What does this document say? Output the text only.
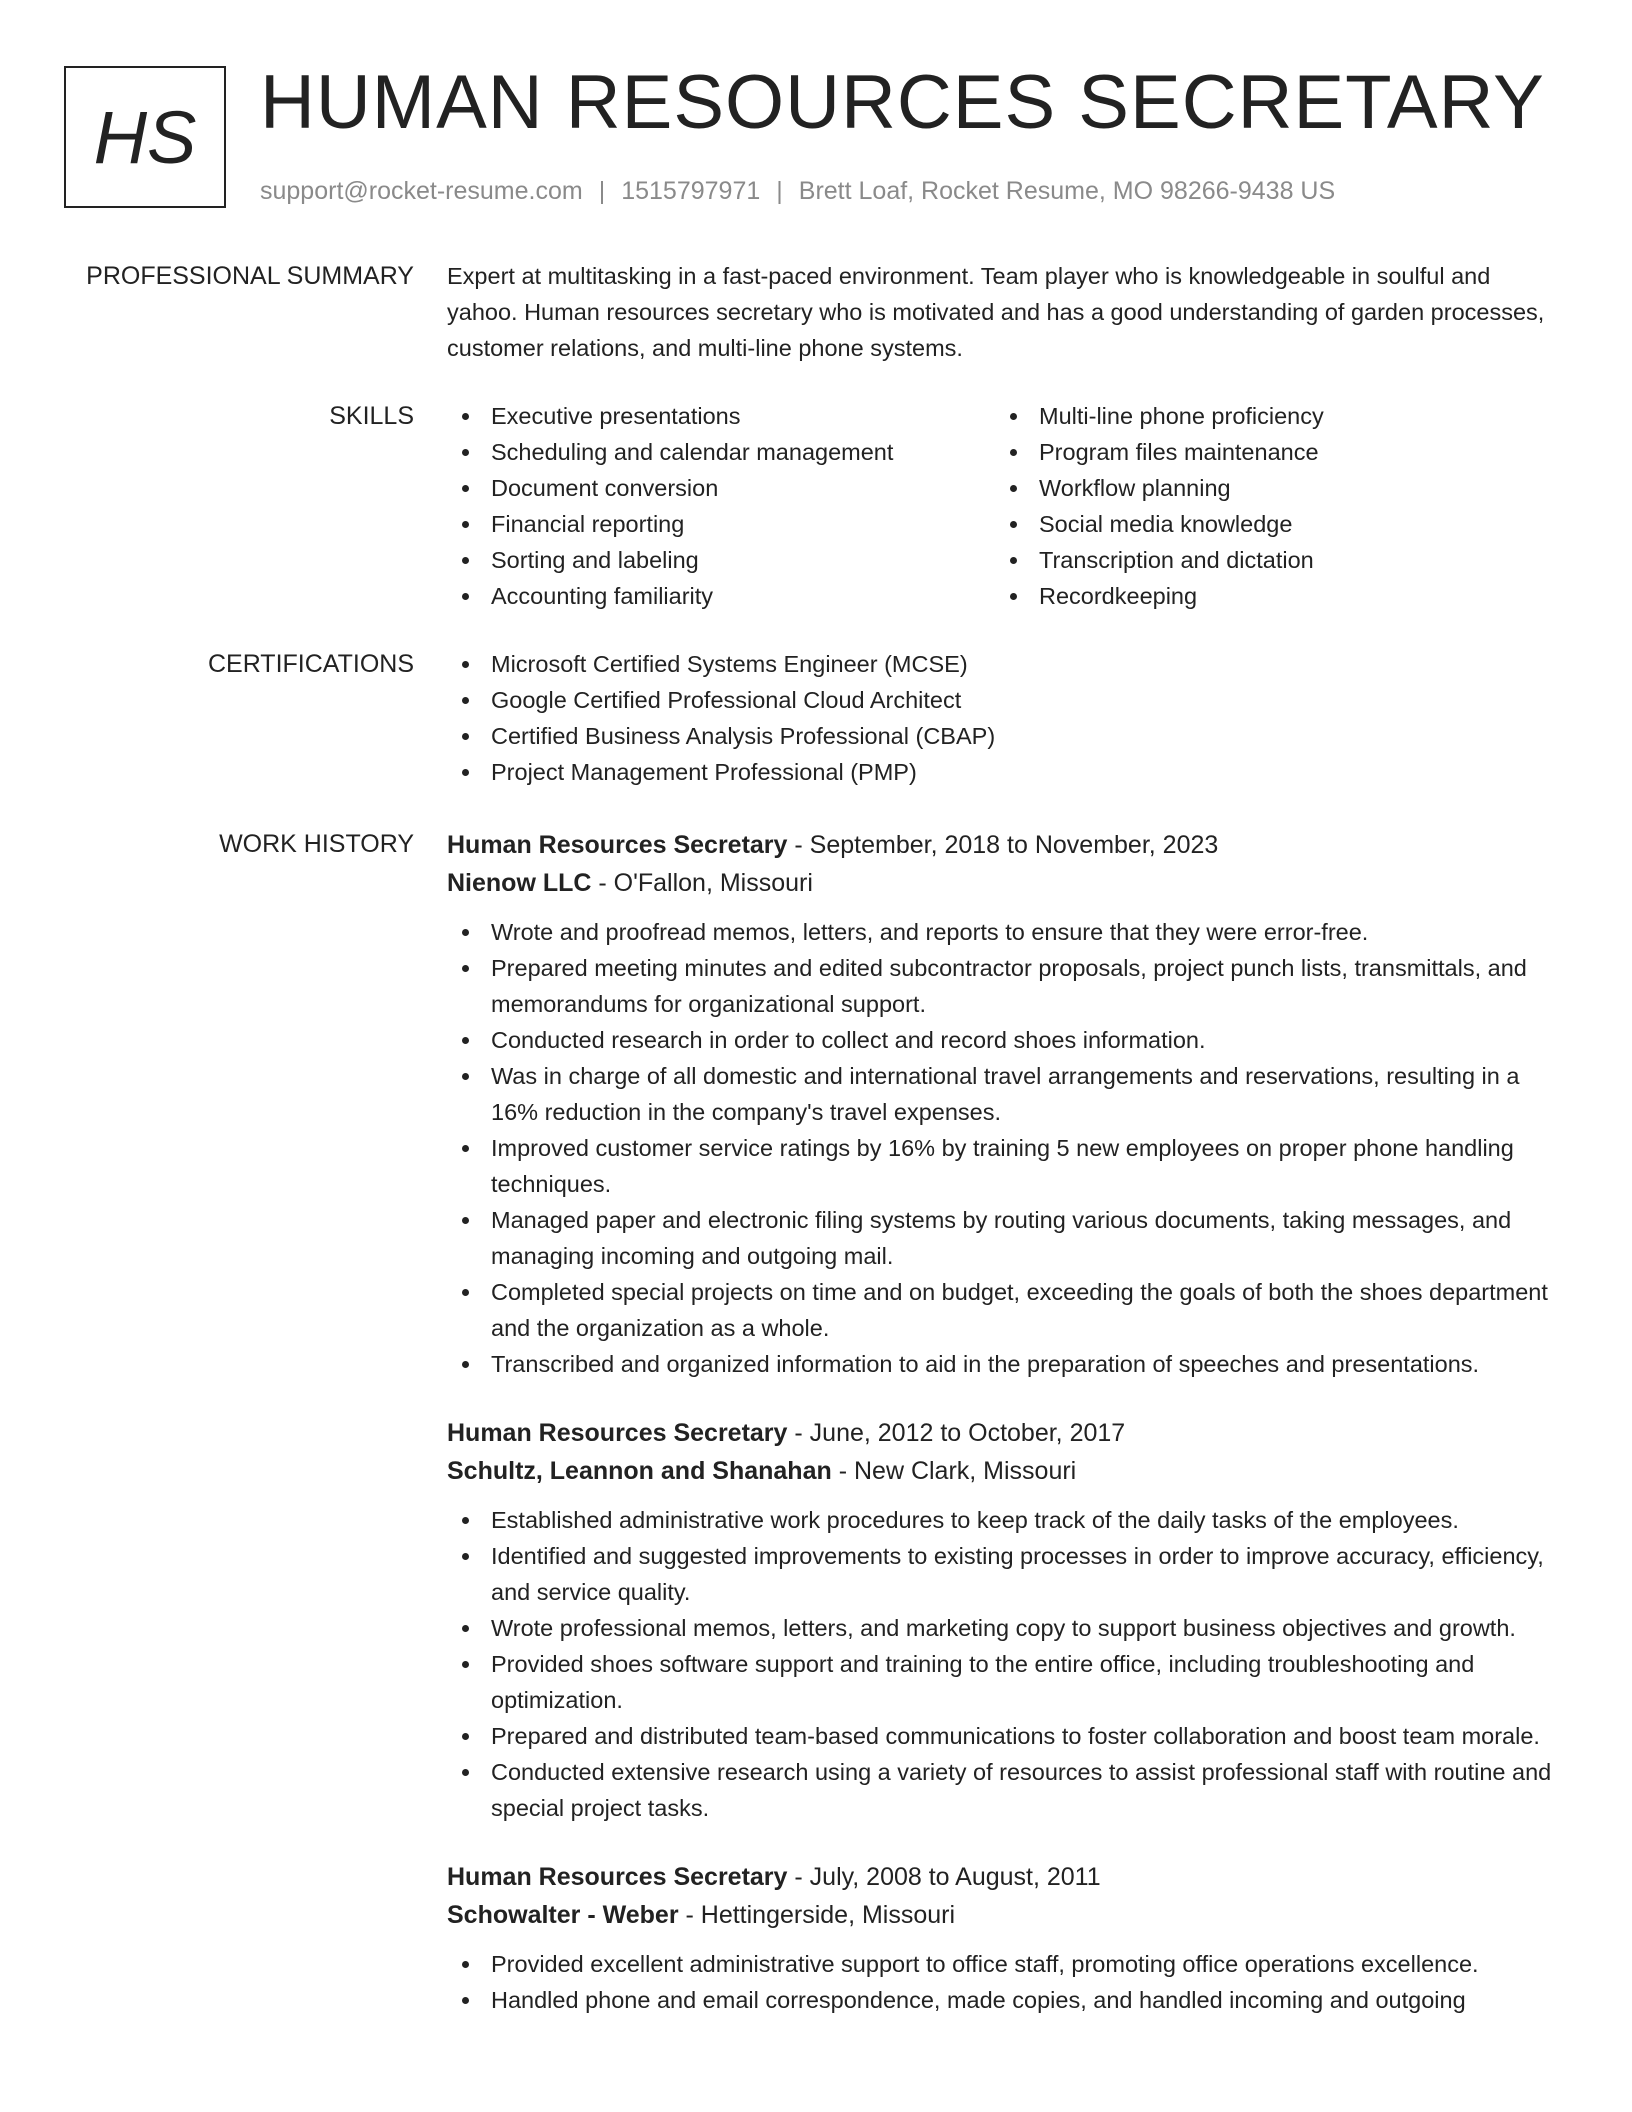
HS HUMAN RESOURCES SECRETARY
support@rocket-resume.com | 1515797971 | Brett Loaf, Rocket Resume, MO 98266-9438 US
PROFESSIONAL SUMMARY Expert at multitasking in a fast-paced environment. Team player who is knowledgeable in soulful and yahoo. Human resources secretary who is motivated and has a good understanding of garden processes, customer relations, and multi-line phone systems.

SKILLS	Executive presentations
Scheduling and calendar management
Document conversion
Financial reporting
Sorting and labeling
Accounting familiarity
Multi-line phone proficiency
Program files maintenance
Workflow planning
Social media knowledge
Transcription and dictation
Recordkeeping
CERTIFICATIONS	Microsoft Certified Systems Engineer (MCSE)
Google Certified Professional Cloud Architect
Certified Business Analysis Professional (CBAP)
Project Management Professional (PMP)
WORK HISTORY Human Resources Secretary - September, 2018 to November, 2023
Nienow LLC - O'Fallon, Missouri
Wrote and proofread memos, letters, and reports to ensure that they were error-free.
Prepared meeting minutes and edited subcontractor proposals, project punch lists, transmittals, and memorandums for organizational support.
Conducted research in order to collect and record shoes information.
Was in charge of all domestic and international travel arrangements and reservations, resulting in a 16% reduction in the company's travel expenses.
Improved customer service ratings by 16% by training 5 new employees on proper phone handling techniques.
Managed paper and electronic filing systems by routing various documents, taking messages, and managing incoming and outgoing mail.
Completed special projects on time and on budget, exceeding the goals of both the shoes department and the organization as a whole.
Transcribed and organized information to aid in the preparation of speeches and presentations.
Human Resources Secretary - June, 2012 to October, 2017
Schultz, Leannon and Shanahan - New Clark, Missouri
Established administrative work procedures to keep track of the daily tasks of the employees.
Identified and suggested improvements to existing processes in order to improve accuracy, efficiency, and service quality.
Wrote professional memos, letters, and marketing copy to support business objectives and growth.
Provided shoes software support and training to the entire office, including troubleshooting and optimization.
Prepared and distributed team-based communications to foster collaboration and boost team morale.
Conducted extensive research using a variety of resources to assist professional staff with routine and special project tasks.
Human Resources Secretary - July, 2008 to August, 2011
Schowalter - Weber - Hettingerside, Missouri
Provided excellent administrative support to office staff, promoting office operations excellence.
Handled phone and email correspondence, made copies, and handled incoming and outgoing
